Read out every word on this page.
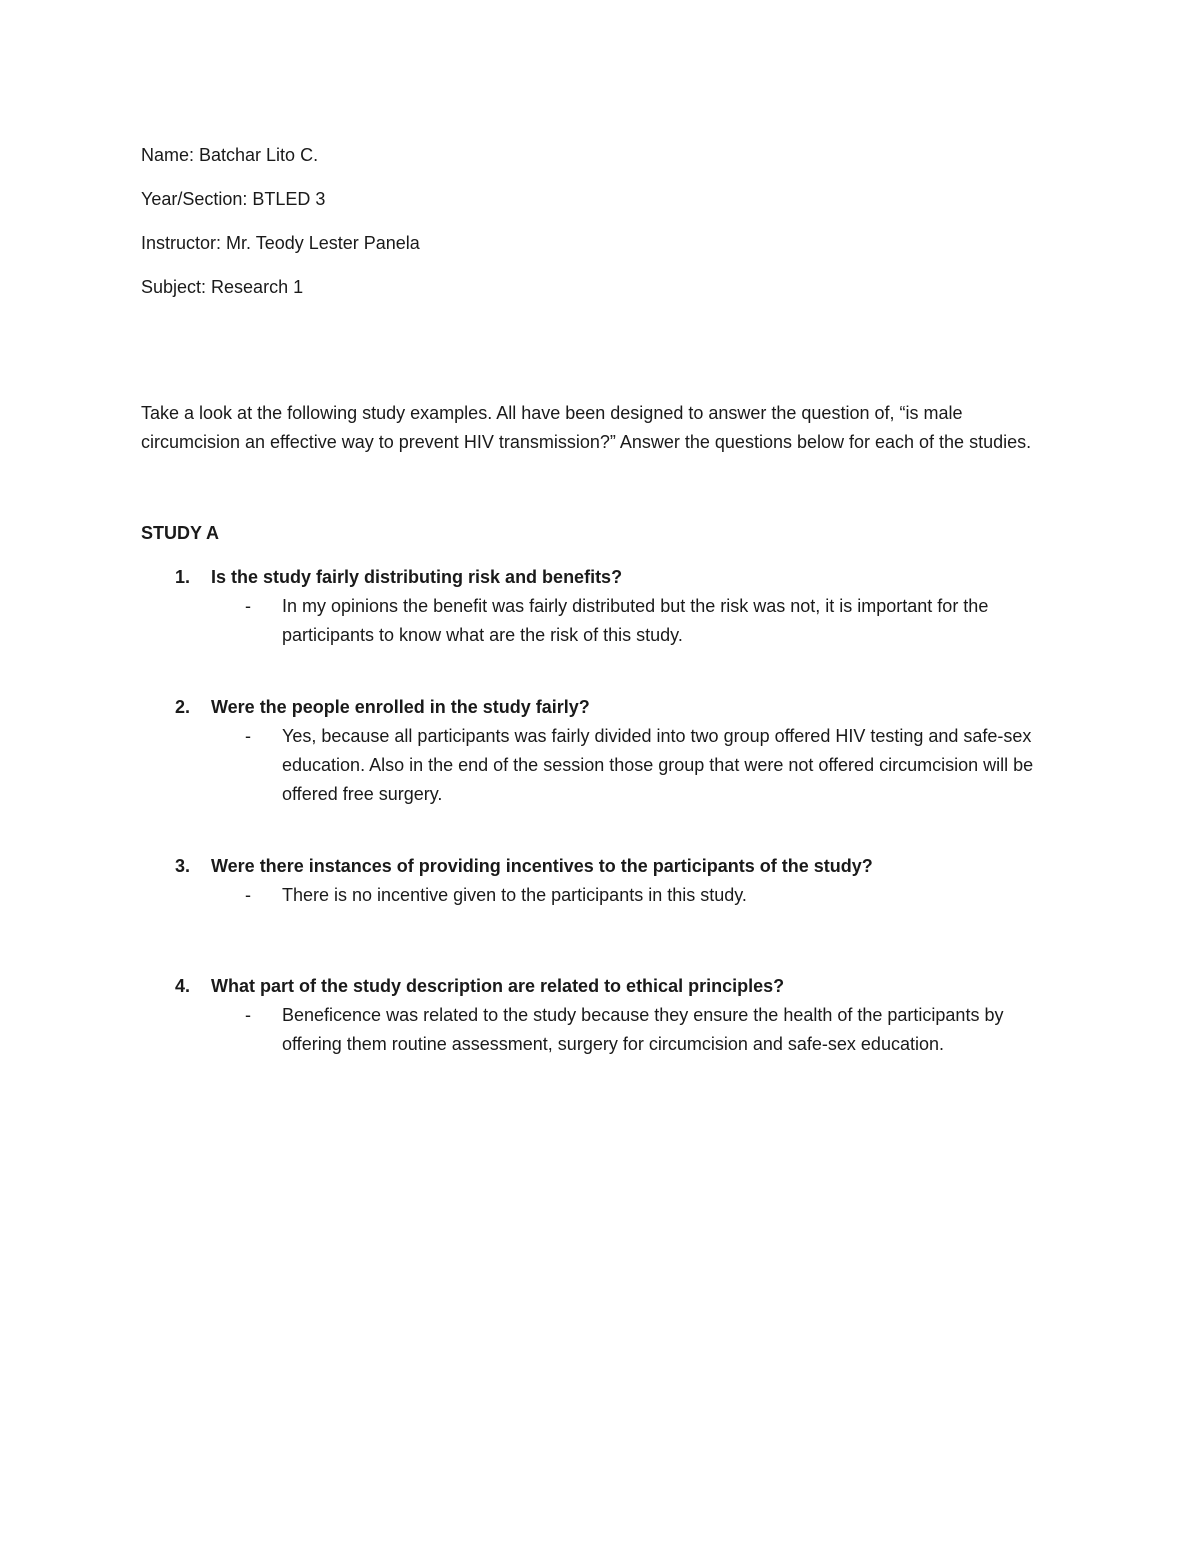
Name: Batchar Lito C.
Year/Section: BTLED 3
Instructor: Mr. Teody Lester Panela
Subject: Research 1

Take a look at the following study examples. All have been designed to answer the question of, “is male circumcision an effective way to prevent HIV transmission?” Answer the questions below for each of the studies.

STUDY A
1.	Is the study fairly distributing risk and benefits?
-	In my opinions the benefit was fairly distributed but the risk was not, it is important for the participants to know what are the risk of this study.
2.	Were the people enrolled in the study fairly?
-	Yes, because all participants was fairly divided into two group offered HIV testing and safe-sex education. Also in the end of the session those group that were not offered circumcision will be offered free surgery.
3.	Were there instances of providing incentives to the participants of the study?
-	There is no incentive given to the participants in this study.
4.	What part of the study description are related to ethical principles?
-	Beneficence was related to the study because they ensure the health of the participants by offering them routine assessment, surgery for circumcision and safe-sex education.
